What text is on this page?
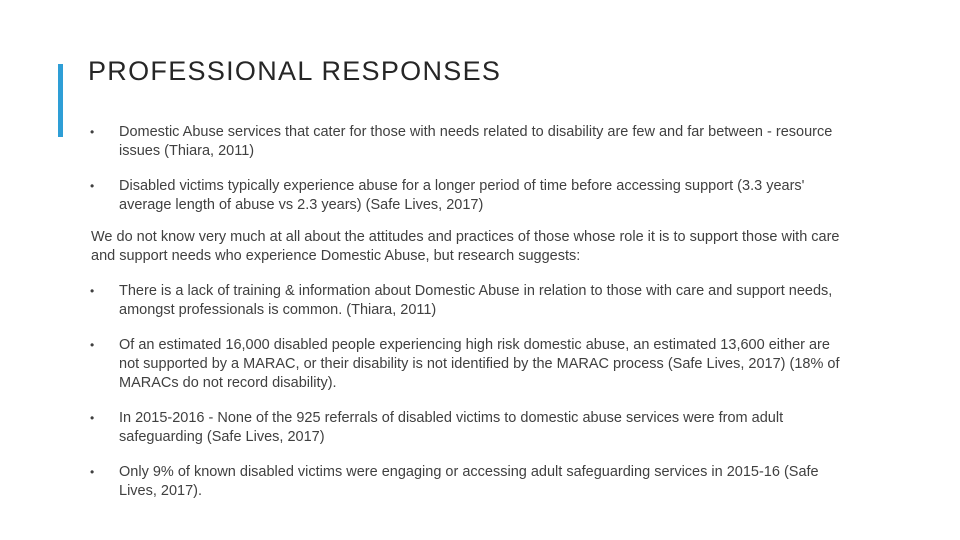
PROFESSIONAL RESPONSES
•	Domestic Abuse services that cater for those with needs related to disability are few and far between - resource issues (Thiara, 2011)
•	Disabled victims typically experience abuse for a longer period of time before accessing support (3.3 years' average length of abuse vs 2.3 years) (Safe Lives, 2017)

We do not know very much at all about the attitudes and practices of those whose role it is to support those with care and support needs who experience Domestic Abuse, but research suggests:

•	There is a lack of training & information about Domestic Abuse in relation to those with care and support needs, amongst professionals is common. (Thiara, 2011)
•	Of an estimated 16,000 disabled people experiencing high risk domestic abuse, an estimated 13,600 either are not supported by a MARAC, or their disability is not identified by the MARAC process (Safe Lives, 2017) (18% of MARACs do not record disability).
•	In 2015-2016 - None of the 925 referrals of disabled victims to domestic abuse services were from adult safeguarding (Safe Lives, 2017)
•	Only 9% of known disabled victims were engaging or accessing adult safeguarding services in 2015-16 (Safe Lives, 2017).
